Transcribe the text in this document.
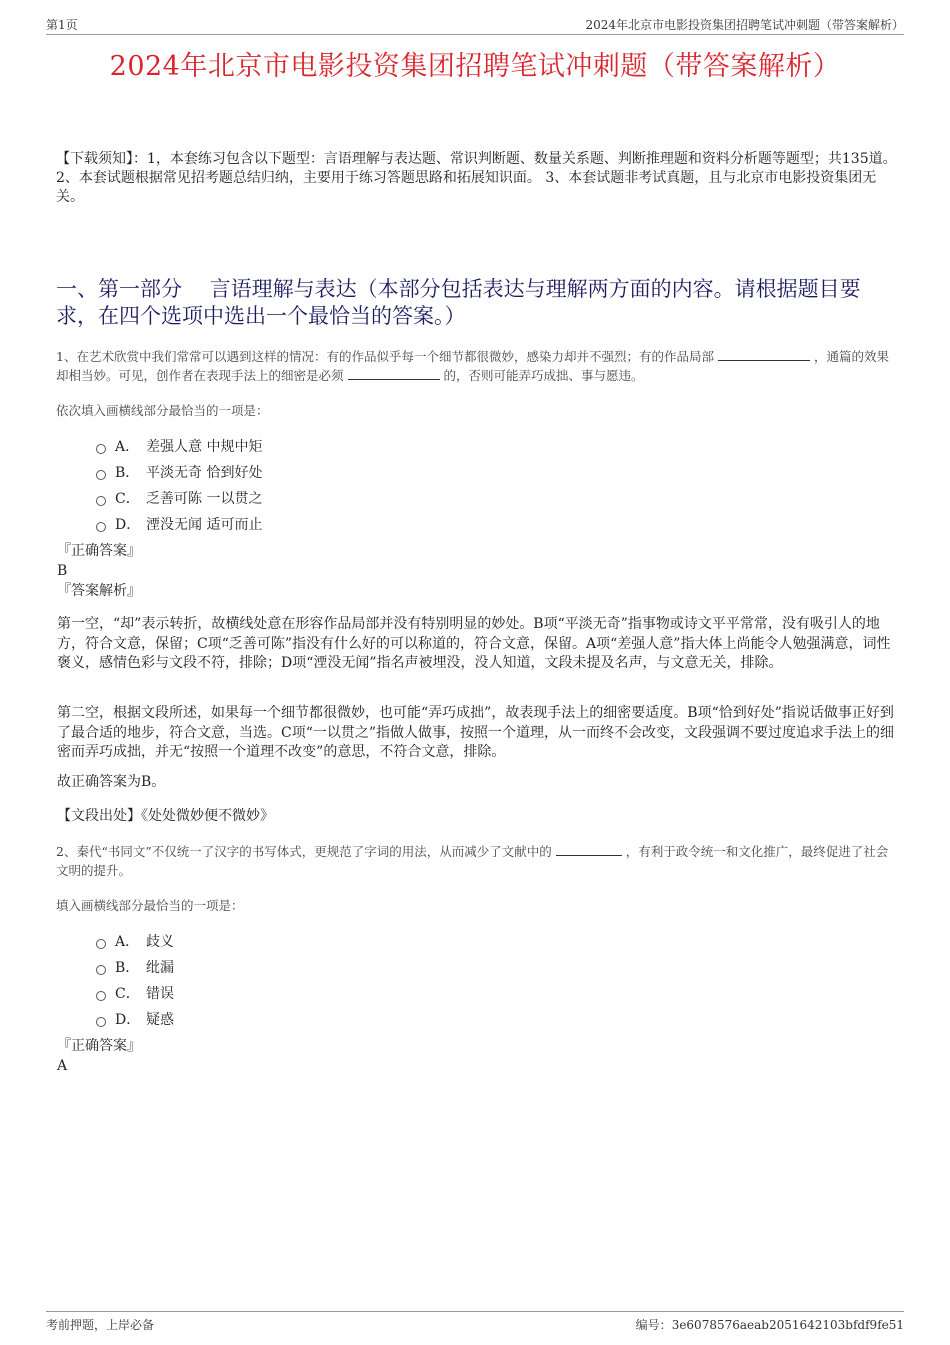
第1页	2024年北京市电影投资集团招聘笔试冲刺题（带答案解析）
2024年北京市电影投资集团招聘笔试冲刺题（带答案解析）
【下载须知】：1，本套练习包含以下题型：言语理解与表达题、常识判断题、数量关系题、判断推理题和资料分析题等题型；共135道。 2、本套试题根据常见招考题总结归纳，主要用于练习答题思路和拓展知识面。 3、本套试题非考试真题，且与北京市电影投资集团无关。
一、第一部分　 言语理解与表达（本部分包括表达与理解两方面的内容。请根据题目要求，在四个选项中选出一个最恰当的答案。）
1、在艺术欣赏中我们常常可以遇到这样的情况：有的作品似乎每一个细节都很微妙，感染力却并不强烈；有的作品局部	，通篇的效果却相当妙。可见，创作者在表现手法上的细密是必须	的，否则可能弄巧成拙、事与愿违。
依次填入画横线部分最恰当的一项是：
A． 差强人意 中规中矩
B． 平淡无奇 恰到好处
C． 乏善可陈 一以贯之
D． 湮没无闻 适可而止
『正确答案』
B
『答案解析』
第一空，“却”表示转折，故横线处意在形容作品局部并没有特别明显的妙处。B项“平淡无奇”指事物或诗文平平常常，没有吸引人的地方，符合文意，保留；C项“乏善可陈”指没有什么好的可以称道的，符合文意，保留。A项“差强人意”指大体上尚能令人勉强满意，词性褒义，感情色彩与文段不符，排除；D项“湮没无闻”指名声被埋没，没人知道，文段未提及名声，与文意无关，排除。
第二空，根据文段所述，如果每一个细节都很微妙，也可能“弄巧成拙”，故表现手法上的细密要适度。B项“恰到好处”指说话做事正好到了最合适的地步，符合文意，当选。C项“一以贯之”指做人做事，按照一个道理，从一而终不会改变，文段强调不要过度追求手法上的细密而弄巧成拙，并无“按照一个道理不改变”的意思，不符合文意，排除。
故正确答案为B。
【文段出处】《处处微妙便不微妙》
2、秦代“书同文”不仅统一了汉字的书写体式，更规范了字词的用法，从而减少了文献中的	，有利于政令统一和文化推广，最终促进了社会文明的提升。
填入画横线部分最恰当的一项是：
A． 歧义
B． 纰漏
C． 错误
D． 疑惑
『正确答案』
A
考前押题，上岸必备	编号：3e6078576aeab2051642103bfdf9fe51
